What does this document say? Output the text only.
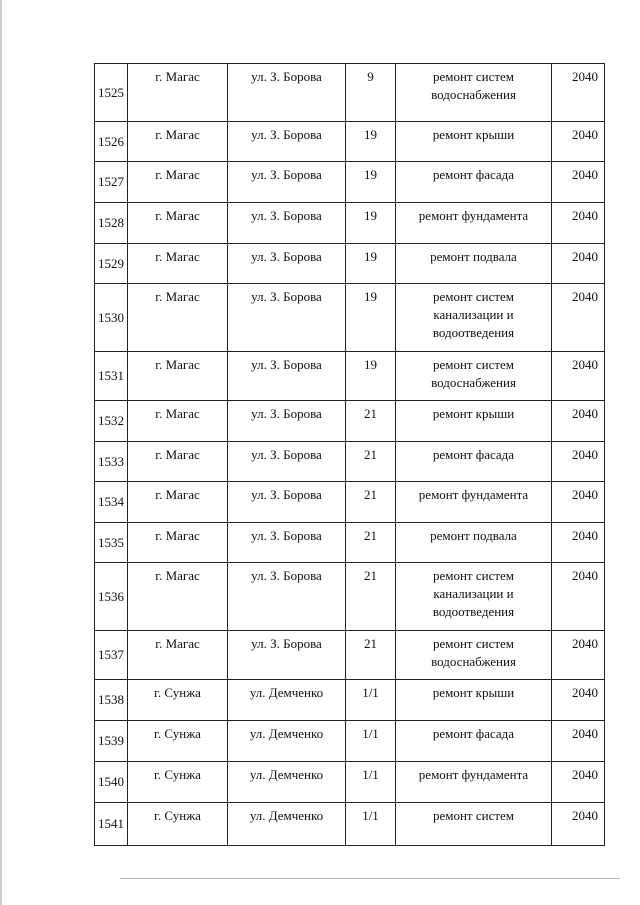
1525	г. Магас	ул. З. Борова	9	ремонт систем водоснабжения	2040
1526	г. Магас	ул. З. Борова	19	ремонт крыши	2040
1527	г. Магас	ул. З. Борова	19	ремонт фасада	2040
1528	г. Магас	ул. З. Борова	19	ремонт фундамента	2040
1529	г. Магас	ул. З. Борова	19	ремонт подвала	2040
1530	г. Магас	ул. З. Борова	19	ремонт систем канализации и водоотведения	2040
1531	г. Магас	ул. З. Борова	19	ремонт систем водоснабжения	2040
1532	г. Магас	ул. З. Борова	21	ремонт крыши	2040
1533	г. Магас	ул. З. Борова	21	ремонт фасада	2040
1534	г. Магас	ул. З. Борова	21	ремонт фундамента	2040
1535	г. Магас	ул. З. Борова	21	ремонт подвала	2040
1536	г. Магас	ул. З. Борова	21	ремонт систем канализации и водоотведения	2040
1537	г. Магас	ул. З. Борова	21	ремонт систем водоснабжения	2040
1538	г. Сунжа	ул. Демченко	1/1	ремонт крыши	2040
1539	г. Сунжа	ул. Демченко	1/1	ремонт фасада	2040
1540	г. Сунжа	ул. Демченко	1/1	ремонт фундамента	2040
1541	г. Сунжа	ул. Демченко	1/1	ремонт систем	2040
